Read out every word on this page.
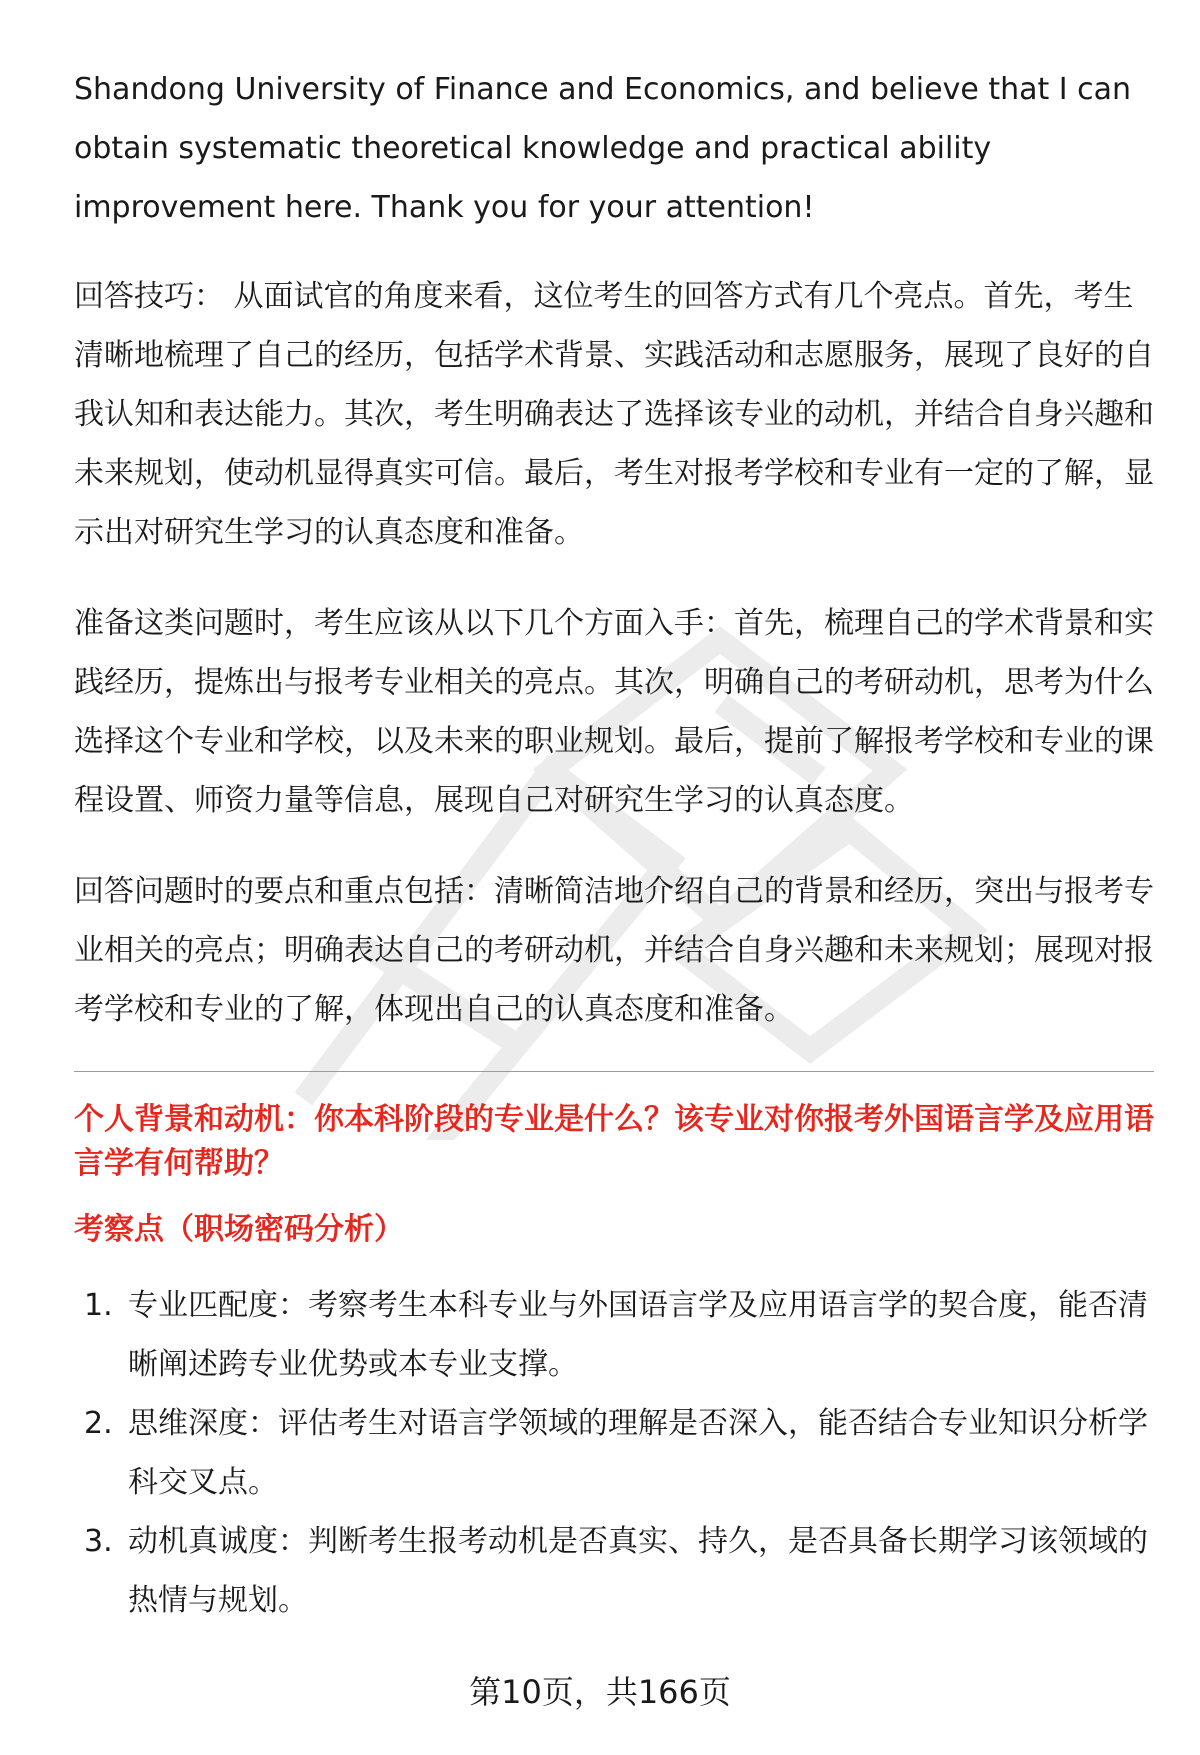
Shandong University of Finance and Economics, and believe that I can obtain systematic theoretical knowledge and practical ability improvement here. Thank you for your attention!

回答技巧： 从面试官的角度来看，这位考生的回答方式有几个亮点。首先，考生清晰地梳理了自己的经历，包括学术背景、实践活动和志愿服务，展现了良好的自我认知和表达能力。其次，考生明确表达了选择该专业的动机，并结合自身兴趣和未来规划，使动机显得真实可信。最后，考生对报考学校和专业有一定的了解，显示出对研究生学习的认真态度和准备。

准备这类问题时，考生应该从以下几个方面入手：首先，梳理自己的学术背景和实践经历，提炼出与报考专业相关的亮点。其次，明确自己的考研动机，思考为什么选择这个专业和学校，以及未来的职业规划。最后，提前了解报考学校和专业的课程设置、师资力量等信息，展现自己对研究生学习的认真态度。

回答问题时的要点和重点包括：清晰简洁地介绍自己的背景和经历，突出与报考专业相关的亮点；明确表达自己的考研动机，并结合自身兴趣和未来规划；展现对报考学校和专业的了解，体现出自己的认真态度和准备。

个人背景和动机：你本科阶段的专业是什么？该专业对你报考外国语言学及应用语言学有何帮助？
考察点（职场密码分析）
1. 专业匹配度：考察考生本科专业与外国语言学及应用语言学的契合度，能否清晰阐述跨专业优势或本专业支撑。
2. 思维深度：评估考生对语言学领域的理解是否深入，能否结合专业知识分析学科交叉点。
3. 动机真诚度：判断考生报考动机是否真实、持久，是否具备长期学习该领域的热情与规划。
第10页，共166页
